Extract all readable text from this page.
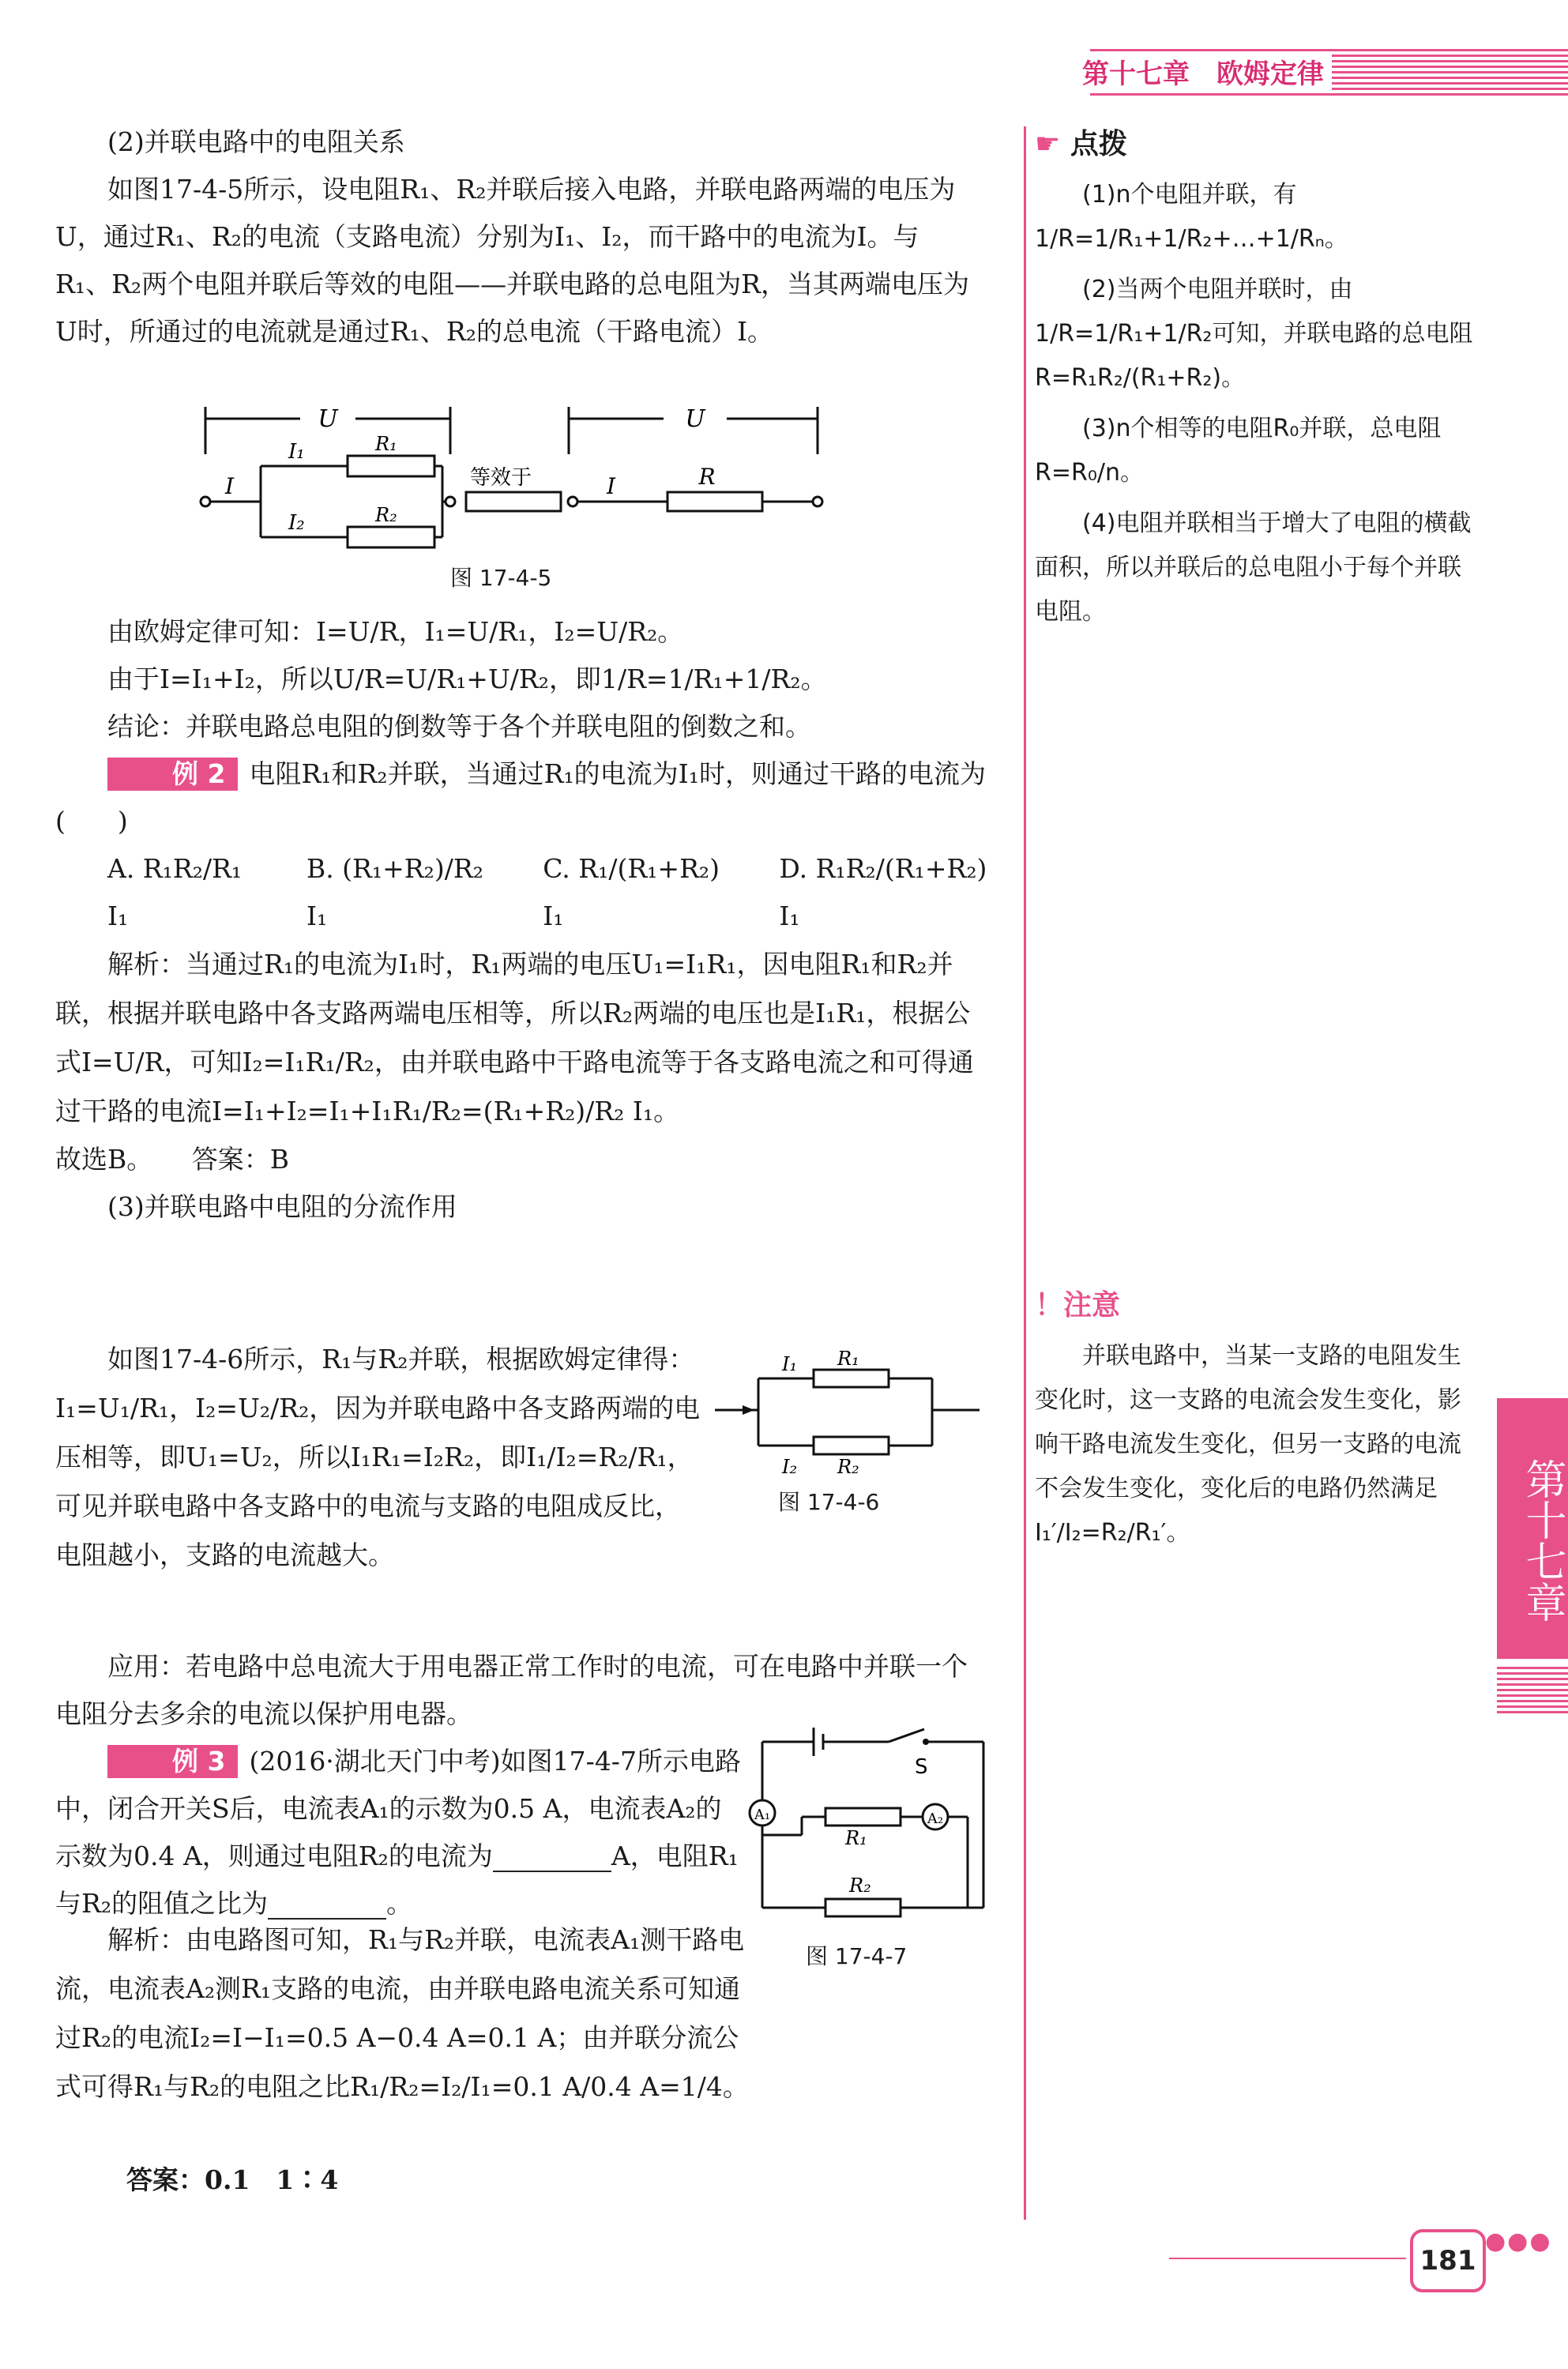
第十七章　欧姆定律

(2)并联电路中的电阻关系

如图17-4-5所示，设电阻R₁、R₂并联后接入电路，并联电路两端的电压为U，通过R₁、R₂的电流（支路电流）分别为I₁、I₂，而干路中的电流为I。与R₁、R₂两个电阻并联后等效的电阻——并联电路的总电阻为R，当其两端电压为U时，所通过的电流就是通过R₁、R₂的总电流（干路电流）I。

U	U
I
I₁
I₂
R₁
R₂
等效于	I	R
图 17-4-5

由欧姆定律可知：I=U/R，I₁=U/R₁，I₂=U/R₂。

由于I=I₁+I₂，所以U/R=U/R₁+U/R₂，即1/R=1/R₁+1/R₂。

结论：并联电路总电阻的倒数等于各个并联电阻的倒数之和。

例 2 电阻R₁和R₂并联，当通过R₁的电流为I₁时，则通过干路的电流为(　　)

A. R₁R₂/R₁ I₁
B. (R₁+R₂)/R₂ I₁
C. R₁/(R₁+R₂) I₁
D. R₁R₂/(R₁+R₂) I₁

解析：当通过R₁的电流为I₁时，R₁两端的电压U₁=I₁R₁，因电阻R₁和R₂并联，根据并联电路中各支路两端电压相等，所以R₂两端的电压也是I₁R₁，根据公式I=U/R，可知I₂=I₁R₁/R₂，由并联电路中干路电流等于各支路电流之和可得通过干路的电流I=I₁+I₂=I₁+I₁R₁/R₂=(R₁+R₂)/R₂ I₁。

故选B。　　答案：B

(3)并联电路中电阻的分流作用

如图17-4-6所示，R₁与R₂并联，根据欧姆定律得：I₁=U₁/R₁，I₂=U₂/R₂，因为并联电路中各支路两端的电压相等，即U₁=U₂，所以I₁R₁=I₂R₂，即I₁/I₂=R₂/R₁，可见并联电路中各支路中的电流与支路的电阻成反比，电阻越小，支路的电流越大。

I₁
I₂
R₁
R₂
图 17-4-6

应用：若电路中总电流大于用电器正常工作时的电流，可在电路中并联一个电阻分去多余的电流以保护用电器。

例 3 (2016·湖北天门中考)如图17-4-7所示电路中，闭合开关S后，电流表A₁的示数为0.5 A，电流表A₂的示数为0.4 A，则通过电阻R₂的电流为	A，电阻R₁与R₂的阻值之比为	。

S
A₁	A₂
R₁
R₂
图 17-4-7

解析：由电路图可知，R₁与R₂并联，电流表A₁测干路电流，电流表A₂测R₁支路的电流，由并联电路电流关系可知通过R₂的电流I₂=I−I₁=0.5 A−0.4 A=0.1 A；由并联分流公式可得R₁与R₂的电阻之比R₁/R₂=I₂/I₁=0.1 A/0.4 A=1/4。

答案：0.1　1∶4

☛ 点拨

(1)n个电阻并联，有1/R=1/R₁+1/R₂+…+1/Rₙ。

(2)当两个电阻并联时，由1/R=1/R₁+1/R₂可知，并联电路的总电阻R=R₁R₂/(R₁+R₂)。

(3)n个相等的电阻R₀并联，总电阻R=R₀/n。

(4)电阻并联相当于增大了电阻的横截面积，所以并联后的总电阻小于每个并联电阻。

！注意

并联电路中，当某一支路的电阻发生变化时，这一支路的电流会发生变化，影响干路电流发生变化，但另一支路的电流不会发生变化，变化后的电路仍然满足I₁′/I₂=R₂/R₁′。	第十七章
181
●●●
